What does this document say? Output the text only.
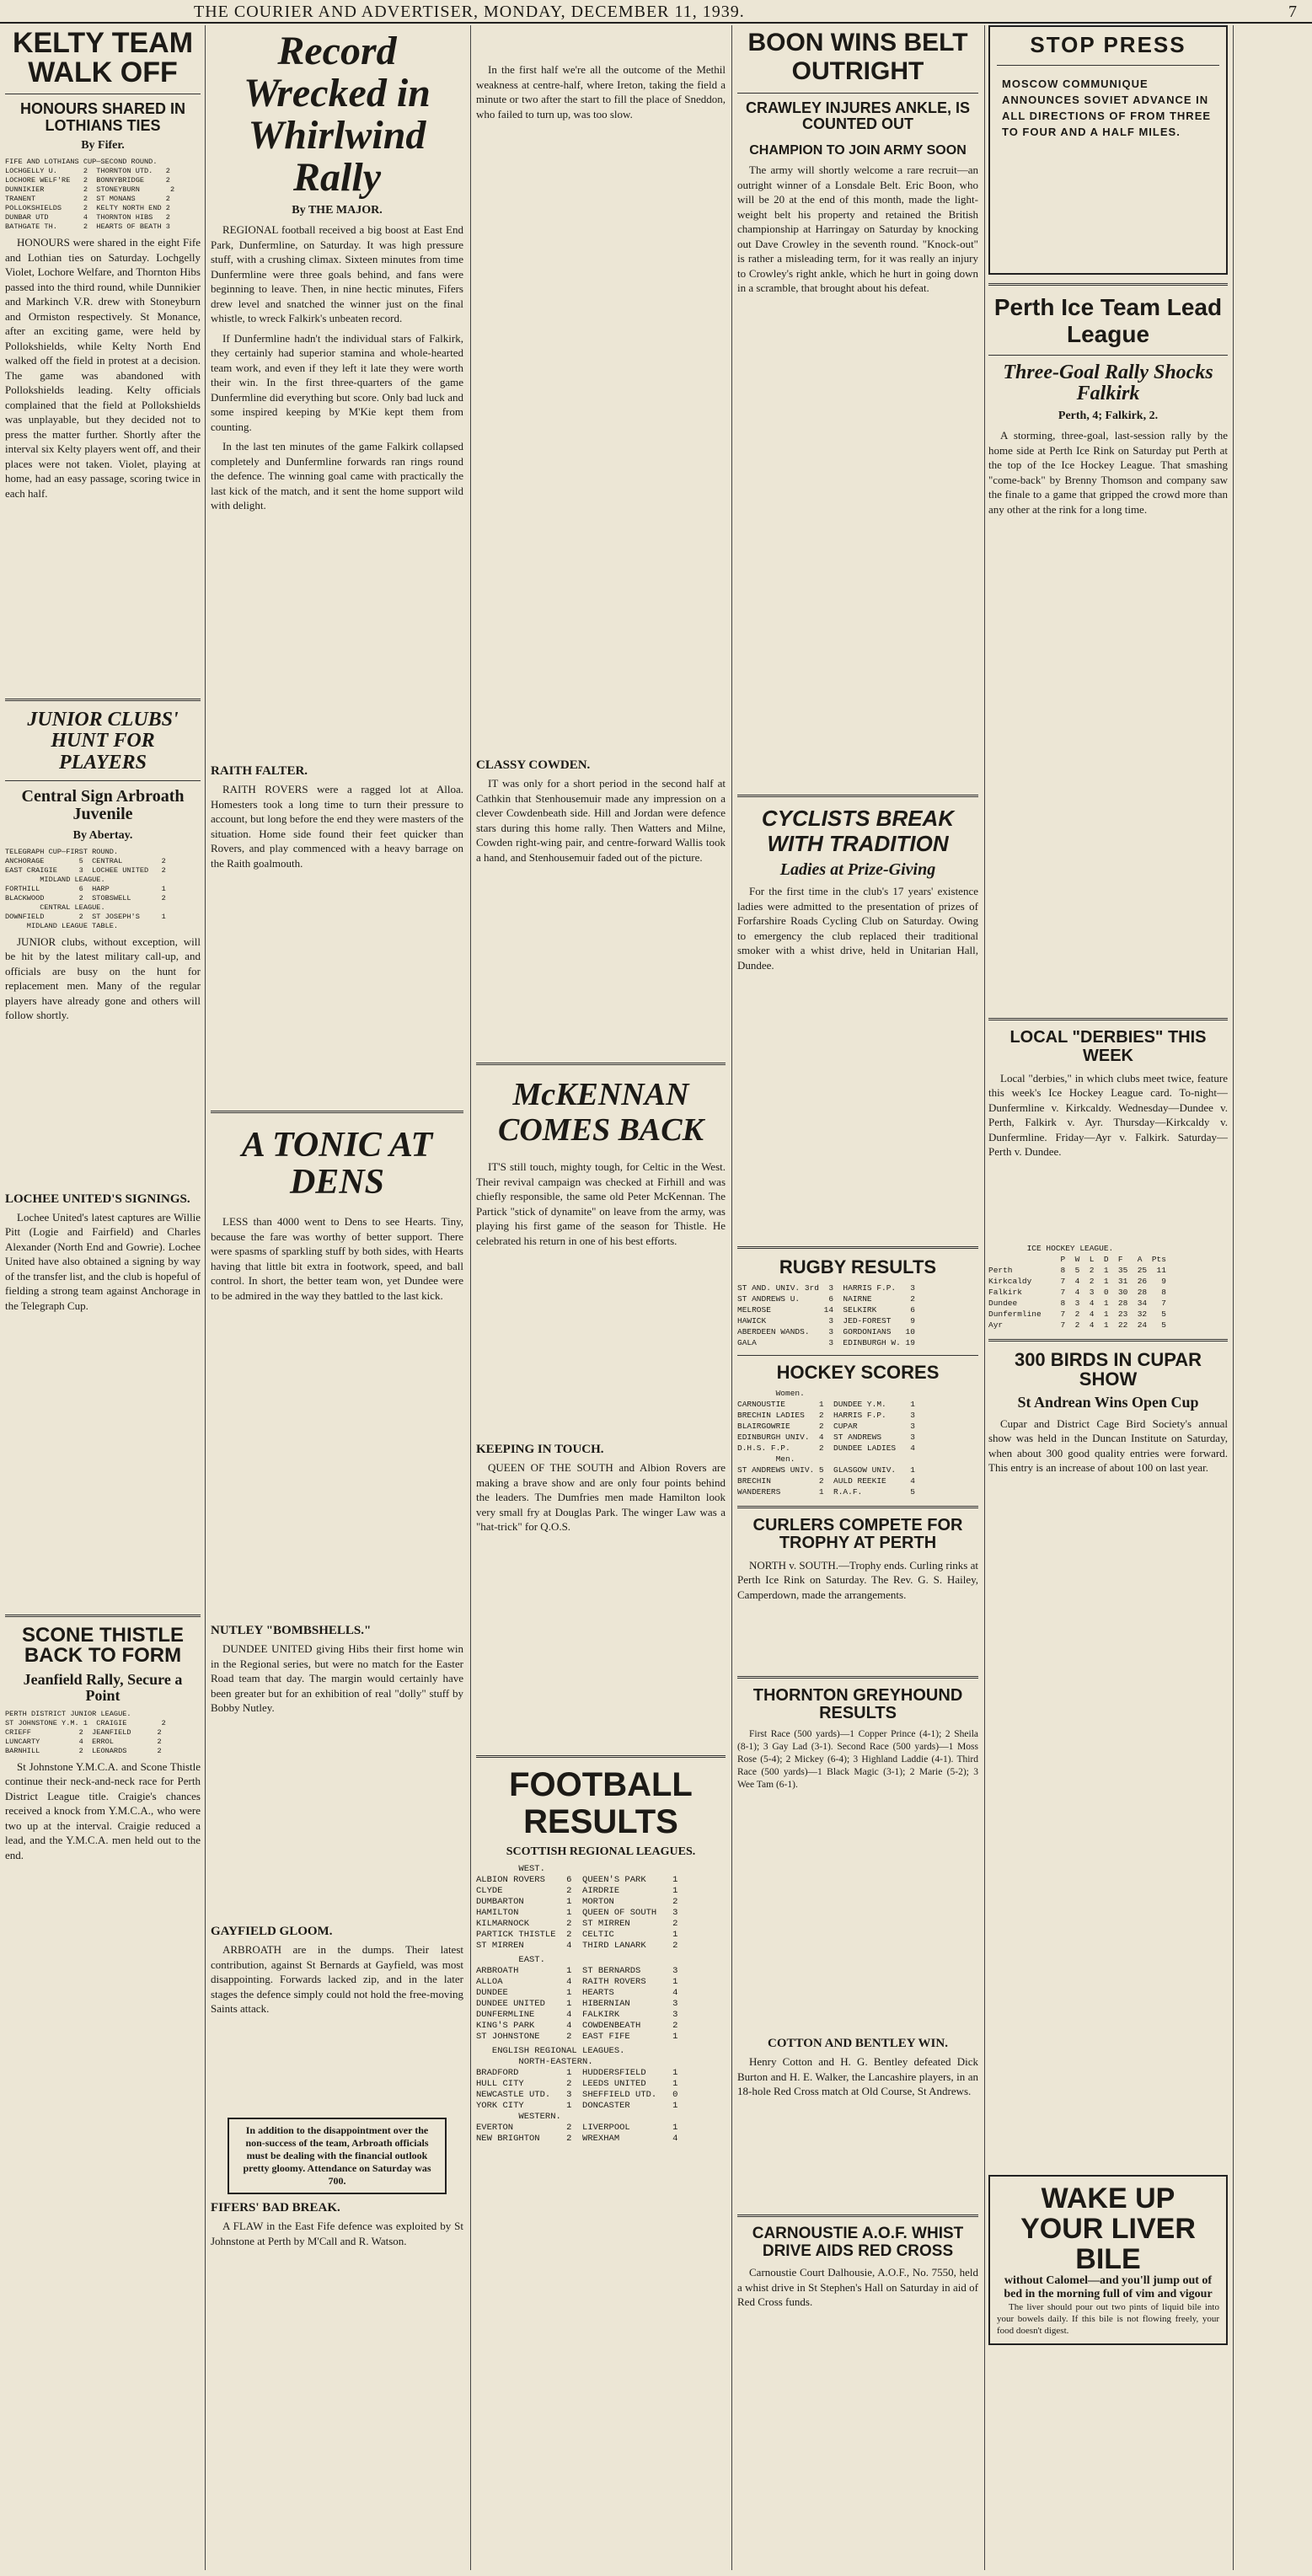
THE COURIER AND ADVERTISER, MONDAY, DECEMBER 11, 1939.	7
KELTY TEAM WALK OFF
HONOURS SHARED IN LOTHIANS TIES
By Fifer.
FIFE AND LOTHIANS CUP—SECOND ROUND.
LOCHGELLY U.      2  THORNTON UTD.   2
LOCHORE WELF'RE   2  BONNYBRIDGE     2
DUNNIKIER         2  STONEYBURN       2
TRANENT           2  ST MONANS       2
POLLOKSHIELDS     2  KELTY NORTH END 2
DUNBAR UTD        4  THORNTON HIBS   2
BATHGATE TH.      2  HEARTS OF BEATH 3

HONOURS were shared in the eight Fife and Lothian ties on Saturday. Lochgelly Violet, Lochore Welfare, and Thornton Hibs passed into the third round, while Dunnikier and Markinch V.R. drew with Stoneyburn and Ormiston respectively. St Monance, after an exciting game, were held by Pollokshields, while Kelty North End walked off the field in protest at a decision. The game was abandoned with Pollokshields leading. Kelty officials complained that the field at Pollokshields was unplayable, but they decided not to press the matter further. Shortly after the interval six Kelty players went off, and their places were not taken. Violet, playing at home, had an easy passage, scoring twice in each half.

JUNIOR CLUBS' HUNT FOR PLAYERS
Central Sign Arbroath Juvenile
By Abertay.
TELEGRAPH CUP—FIRST ROUND.
ANCHORAGE        5  CENTRAL         2
EAST CRAIGIE     3  LOCHEE UNITED   2
MIDLAND LEAGUE.
FORTHILL         6  HARP            1
BLACKWOOD        2  STOBSWELL       2
CENTRAL LEAGUE.
DOWNFIELD        2  ST JOSEPH'S     1
MIDLAND LEAGUE TABLE.

JUNIOR clubs, without exception, will be hit by the latest military call-up, and officials are busy on the hunt for replacement men. Many of the regular players have already gone and others will follow shortly.

LOCHEE UNITED'S SIGNINGS.

Lochee United's latest captures are Willie Pitt (Logie and Fairfield) and Charles Alexander (North End and Gowrie). Lochee United have also obtained a signing by way of the transfer list, and the club is hopeful of fielding a strong team against Anchorage in the Telegraph Cup.

SCONE THISTLE BACK TO FORM
Jeanfield Rally, Secure a Point
PERTH DISTRICT JUNIOR LEAGUE.
ST JOHNSTONE Y.M. 1  CRAIGIE        2
CRIEFF           2  JEANFIELD      2
LUNCARTY         4  ERROL          2
BARNHILL         2  LEONARDS       2

St Johnstone Y.M.C.A. and Scone Thistle continue their neck-and-neck race for Perth District League title. Craigie's chances received a knock from Y.M.C.A., who were two up at the interval. Craigie reduced a lead, and the Y.M.C.A. men held out to the end.

Record Wrecked in Whirlwind Rally
By THE MAJOR.

REGIONAL football received a big boost at East End Park, Dunfermline, on Saturday. It was high pressure stuff, with a crushing climax. Sixteen minutes from time Dunfermline were three goals behind, and fans were beginning to leave. Then, in nine hectic minutes, Fifers drew level and snatched the winner just on the final whistle, to wreck Falkirk's unbeaten record.

If Dunfermline hadn't the individual stars of Falkirk, they certainly had superior stamina and whole-hearted team work, and even if they left it late they were worth their win. In the first three-quarters of the game Dunfermline did everything but score. Only bad luck and some inspired keeping by M'Kie kept them from counting.

In the last ten minutes of the game Falkirk collapsed completely and Dunfermline forwards ran rings round the defence. The winning goal came with practically the last kick of the match, and it sent the home support wild with delight.

RAITH FALTER.

RAITH ROVERS were a ragged lot at Alloa. Homesters took a long time to turn their pressure to account, but long before the end they were masters of the situation. Home side found their feet quicker than Rovers, and play commenced with a heavy barrage on the Raith goalmouth.

A TONIC AT DENS

LESS than 4000 went to Dens to see Hearts. Tiny, because the fare was worthy of better support. There were spasms of sparkling stuff by both sides, with Hearts having that little bit extra in footwork, speed, and ball control. In short, the better team won, yet Dundee were to be admired in the way they battled to the last kick.

NUTLEY "BOMBSHELLS."

DUNDEE UNITED giving Hibs their first home win in the Regional series, but were no match for the Easter Road team that day. The margin would certainly have been greater but for an exhibition of real "dolly" stuff by Bobby Nutley.

GAYFIELD GLOOM.

ARBROATH are in the dumps. Their latest contribution, against St Bernards at Gayfield, was most disappointing. Forwards lacked zip, and in the later stages the defence simply could not hold the free-moving Saints attack.

In addition to the disappointment over the non-success of the team, Arbroath officials must be dealing with the financial outlook pretty gloomy. Attendance on Saturday was 700.
FIFERS' BAD BREAK.

A FLAW in the East Fife defence was exploited by St Johnstone at Perth by M'Call and R. Watson.

In the first half we're all the outcome of the Methil weakness at centre-half, where Ireton, taking the field a minute or two after the start to fill the place of Sneddon, who failed to turn up, was too slow.

CLASSY COWDEN.

IT was only for a short period in the second half at Cathkin that Stenhousemuir made any impression on a clever Cowdenbeath side. Hill and Jordan were defence stars during this home rally. Then Watters and Milne, Cowden right-wing pair, and centre-forward Wallis took a hand, and Stenhousemuir faded out of the picture.

McKENNAN COMES BACK

IT'S still touch, mighty tough, for Celtic in the West. Their revival campaign was checked at Firhill and was chiefly responsible, the same old Peter McKennan. The Partick "stick of dynamite" on leave from the army, was playing his first game of the season for Thistle. He celebrated his return in one of his best efforts.

KEEPING IN TOUCH.

QUEEN OF THE SOUTH and Albion Rovers are making a brave show and are only four points behind the leaders. The Dumfries men made Hamilton look very small fry at Douglas Park. The winger Law was a "hat-trick" for Q.O.S.

FOOTBALL RESULTS
SCOTTISH REGIONAL LEAGUES.
WEST.
ALBION ROVERS    6  QUEEN'S PARK     1
CLYDE            2  AIRDRIE          1
DUMBARTON        1  MORTON           2
HAMILTON         1  QUEEN OF SOUTH   3
KILMARNOCK       2  ST MIRREN        2
PARTICK THISTLE  2  CELTIC           1
ST MIRREN        4  THIRD LANARK     2
EAST.
ARBROATH         1  ST BERNARDS      3
ALLOA            4  RAITH ROVERS     1
DUNDEE           1  HEARTS           4
DUNDEE UNITED    1  HIBERNIAN        3
DUNFERMLINE      4  FALKIRK          3
KING'S PARK      4  COWDENBEATH      2
ST JOHNSTONE     2  EAST FIFE        1
ENGLISH REGIONAL LEAGUES.
NORTH-EASTERN.
BRADFORD         1  HUDDERSFIELD     1
HULL CITY        2  LEEDS UNITED     1
NEWCASTLE UTD.   3  SHEFFIELD UTD.   0
YORK CITY        1  DONCASTER        1
WESTERN.
EVERTON          2  LIVERPOOL        1
NEW BRIGHTON     2  WREXHAM          4
BOON WINS BELT OUTRIGHT
CRAWLEY INJURES ANKLE, IS COUNTED OUT
CHAMPION TO JOIN ARMY SOON

The army will shortly welcome a rare recruit—an outright winner of a Lonsdale Belt. Eric Boon, who will be 20 at the end of this month, made the light-weight belt his property and retained the British championship at Harringay on Saturday by knocking out Dave Crowley in the seventh round. "Knock-out" is rather a misleading term, for it was really an injury to Crowley's right ankle, which he hurt in going down in a scramble, that brought about his defeat.

CYCLISTS BREAK WITH TRADITION
Ladies at Prize-Giving

For the first time in the club's 17 years' existence ladies were admitted to the presentation of prizes of Forfarshire Roads Cycling Club on Saturday. Owing to emergency the club replaced their traditional smoker with a whist drive, held in Unitarian Hall, Dundee.

RUGBY RESULTS
ST AND. UNIV. 3rd  3  HARRIS F.P.   3
ST ANDREWS U.      6  NAIRNE        2
MELROSE           14  SELKIRK       6
HAWICK             3  JED-FOREST    9
ABERDEEN WANDS.    3  GORDONIANS   10
GALA               3  EDINBURGH W. 19
HOCKEY SCORES
Women.
CARNOUSTIE       1  DUNDEE Y.M.     1
BRECHIN LADIES   2  HARRIS F.P.     3
BLAIRGOWRIE      2  CUPAR           3
EDINBURGH UNIV.  4  ST ANDREWS      3
D.H.S. F.P.      2  DUNDEE LADIES   4
Men.
ST ANDREWS UNIV. 5  GLASGOW UNIV.   1
BRECHIN          2  AULD REEKIE     4
WANDERERS        1  R.A.F.          5
CURLERS COMPETE FOR TROPHY AT PERTH

NORTH v. SOUTH.—Trophy ends. Curling rinks at Perth Ice Rink on Saturday. The Rev. G. S. Hailey, Camperdown, made the arrangements.

THORNTON GREYHOUND RESULTS

First Race (500 yards)—1 Copper Prince (4-1); 2 Sheila (8-1); 3 Gay Lad (3-1). Second Race (500 yards)—1 Moss Rose (5-4); 2 Mickey (6-4); 3 Highland Laddie (4-1). Third Race (500 yards)—1 Black Magic (3-1); 2 Marie (5-2); 3 Wee Tam (6-1).

COTTON AND BENTLEY WIN.

Henry Cotton and H. G. Bentley defeated Dick Burton and H. E. Walker, the Lancashire players, in an 18-hole Red Cross match at Old Course, St Andrews.

CARNOUSTIE A.O.F. WHIST DRIVE AIDS RED CROSS

Carnoustie Court Dalhousie, A.O.F., No. 7550, held a whist drive in St Stephen's Hall on Saturday in aid of Red Cross funds.

STOP PRESS
MOSCOW COMMUNIQUE ANNOUNCES SOVIET ADVANCE IN ALL DIRECTIONS OF FROM THREE TO FOUR AND A HALF MILES.
Perth Ice Team Lead League
Three-Goal Rally Shocks Falkirk
Perth, 4; Falkirk, 2.

A storming, three-goal, last-session rally by the home side at Perth Ice Rink on Saturday put Perth at the top of the Ice Hockey League. That smashing "come-back" by Brenny Thomson and company saw the finale to a game that gripped the crowd more than any other at the rink for a long time.

LOCAL "DERBIES" THIS WEEK

Local "derbies," in which clubs meet twice, feature this week's Ice Hockey League card. To-night—Dunfermline v. Kirkcaldy. Wednesday—Dundee v. Perth, Falkirk v. Ayr. Thursday—Kirkcaldy v. Dunfermline. Friday—Ayr v. Falkirk. Saturday—Perth v. Dundee.

ICE HOCKEY LEAGUE.
P  W  L  D  F   A  Pts
Perth          8  5  2  1  35  25  11
Kirkcaldy      7  4  2  1  31  26   9
Falkirk        7  4  3  0  30  28   8
Dundee         8  3  4  1  28  34   7
Dunfermline    7  2  4  1  23  32   5
Ayr            7  2  4  1  22  24   5
300 BIRDS IN CUPAR SHOW
St Andrean Wins Open Cup

Cupar and District Cage Bird Society's annual show was held in the Duncan Institute on Saturday, when about 300 good quality entries were forward. This entry is an increase of about 100 on last year.

WAKE UP YOUR LIVER BILE
without Calomel—and you'll jump out of bed in the morning full of vim and vigour

The liver should pour out two pints of liquid bile into your bowels daily. If this bile is not flowing freely, your food doesn't digest.
